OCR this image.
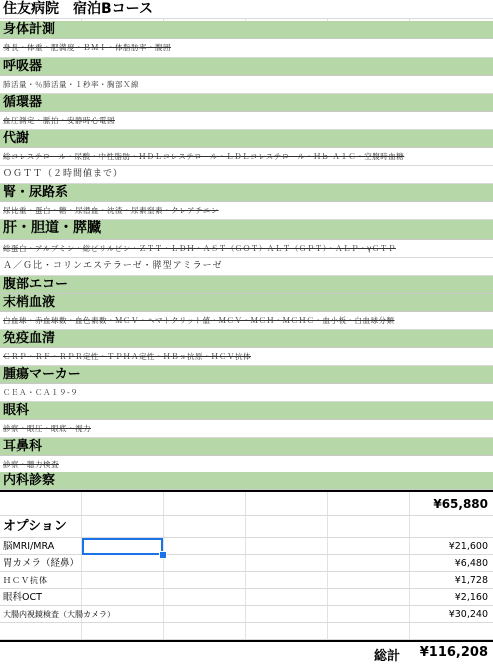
住友病院　宿泊Bコース
身体計測
身長・体重・肥満度・ＢＭＩ・体脂肪率・腹囲
呼吸器
肺活量・％肺活量・１秒率・胸部Ｘ線
循環器
血圧測定・脈拍・安静時心電図
代謝
総コレステロール・尿酸・中性脂肪・ＨＤＬコレステロール・ＬＤＬコレステロール・Ｈｂ Ａ１Ｃ・空腹時血糖
ＯＧＴＴ（２時間値まで）
腎・尿路系
尿比重・蛋白・糖・尿潜血・沈渣・尿素窒素・クレアチニン
肝・胆道・膵臓
総蛋白・アルブミン・総ビリルビン・ＺＴＴ・ＬＤＨ・ＡＳＴ（ＧＯＴ）ＡＬＴ（ＧＰＴ）・ＡＬＰ・γＧＴＰ
Ａ／Ｇ比・コリンエステラーゼ・膵型アミラーゼ
腹部エコー
末梢血液
白血球・赤血球数・血色素数・ＭＣＶ・ヘマトクリット値・ＭＣＶ・ＭＣＨ・ＭＣＨＣ・血小板・白血球分類
免疫血清
ＣＲＰ・ＲＦ・ＲＰＲ定性・ＴＰＨＡ定性・ＨＢｓ抗原・ＨＣＶ抗体
腫瘍マーカー
ＣＥＡ・ＣＡ１９-９
眼科
診察・眼圧・眼底・視力
耳鼻科
診察・聴力検査
内科診察
¥65,880
オプション
脳MRI/MRA	¥21,600
胃カメラ（経鼻）	¥6,480
ＨＣＶ抗体	¥1,728
眼科OCT	¥2,160
大腸内視鏡検査（大腸カメラ）	¥30,240
総計 ¥116,208
